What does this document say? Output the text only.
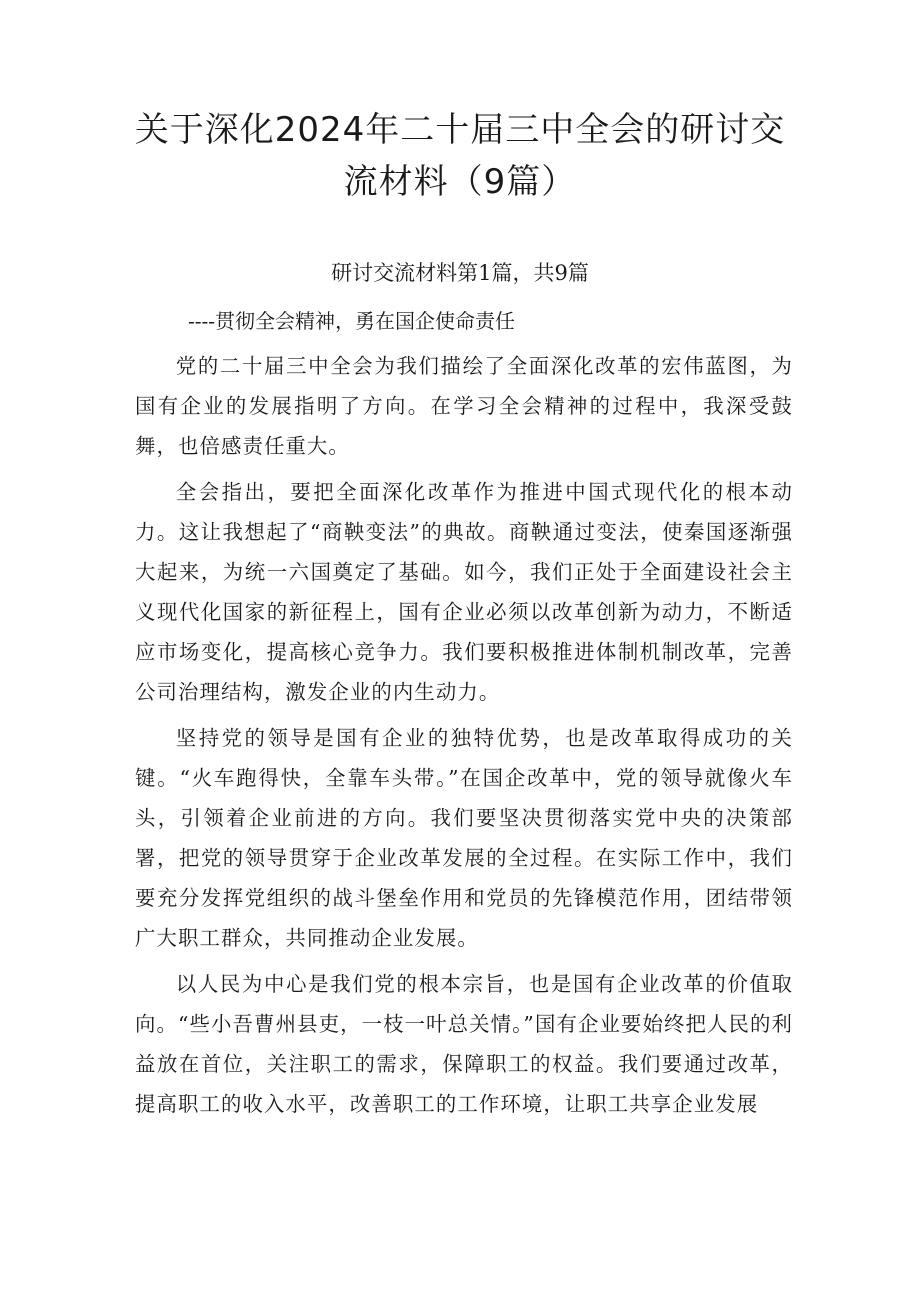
关于深化2024年二十届三中全会的研讨交流材料（9篇）

研讨交流材料第1篇，共9篇

----贯彻全会精神，勇在国企使命责任

党的二十届三中全会为我们描绘了全面深化改革的宏伟蓝图，为国有企业的发展指明了方向。在学习全会精神的过程中，我深受鼓舞，也倍感责任重大。

全会指出，要把全面深化改革作为推进中国式现代化的根本动力。这让我想起了“商鞅变法”的典故。商鞅通过变法，使秦国逐渐强大起来，为统一六国奠定了基础。如今，我们正处于全面建设社会主义现代化国家的新征程上，国有企业必须以改革创新为动力，不断适应市场变化，提高核心竞争力。我们要积极推进体制机制改革，完善公司治理结构，激发企业的内生动力。

坚持党的领导是国有企业的独特优势，也是改革取得成功的关键。“火车跑得快，全靠车头带。”在国企改革中，党的领导就像火车头，引领着企业前进的方向。我们要坚决贯彻落实党中央的决策部署，把党的领导贯穿于企业改革发展的全过程。在实际工作中，我们要充分发挥党组织的战斗堡垒作用和党员的先锋模范作用，团结带领广大职工群众，共同推动企业发展。

以人民为中心是我们党的根本宗旨，也是国有企业改革的价值取向。“些小吾曹州县吏，一枝一叶总关情。”国有企业要始终把人民的利益放在首位，关注职工的需求，保障职工的权益。我们要通过改革，提高职工的收入水平，改善职工的工作环境，让职工共享企业发展
